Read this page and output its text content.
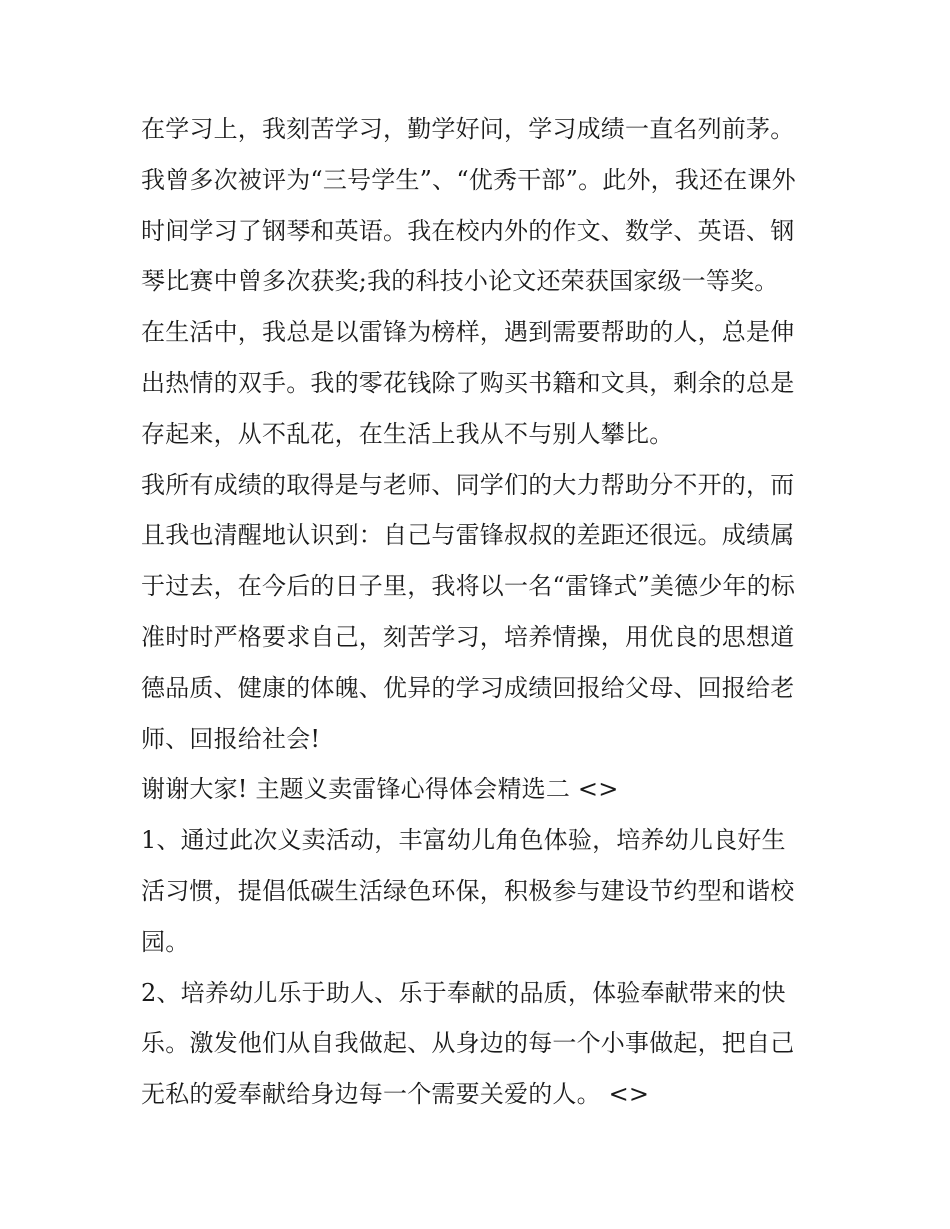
在学习上，我刻苦学习，勤学好问，学习成绩一直名列前茅。
我曾多次被评为“三号学生”、“优秀干部”。此外，我还在课外
时间学习了钢琴和英语。我在校内外的作文、数学、英语、钢
琴比赛中曾多次获奖;我的科技小论文还荣获国家级一等奖。
在生活中，我总是以雷锋为榜样，遇到需要帮助的人，总是伸
出热情的双手。我的零花钱除了购买书籍和文具，剩余的总是
存起来，从不乱花，在生活上我从不与别人攀比。
我所有成绩的取得是与老师、同学们的大力帮助分不开的，而
且我也清醒地认识到：自己与雷锋叔叔的差距还很远。成绩属
于过去，在今后的日子里，我将以一名“雷锋式”美德少年的标
准时时严格要求自己，刻苦学习，培养情操，用优良的思想道
德品质、健康的体魄、优异的学习成绩回报给父母、回报给老
师、回报给社会!
谢谢大家! 主题义卖雷锋心得体会精选二 <>
1、通过此次义卖活动，丰富幼儿角色体验，培养幼儿良好生
活习惯，提倡低碳生活绿色环保，积极参与建设节约型和谐校
园。
2、培养幼儿乐于助人、乐于奉献的品质，体验奉献带来的快
乐。激发他们从自我做起、从身边的每一个小事做起，把自己
无私的爱奉献给身边每一个需要关爱的人。 <>
